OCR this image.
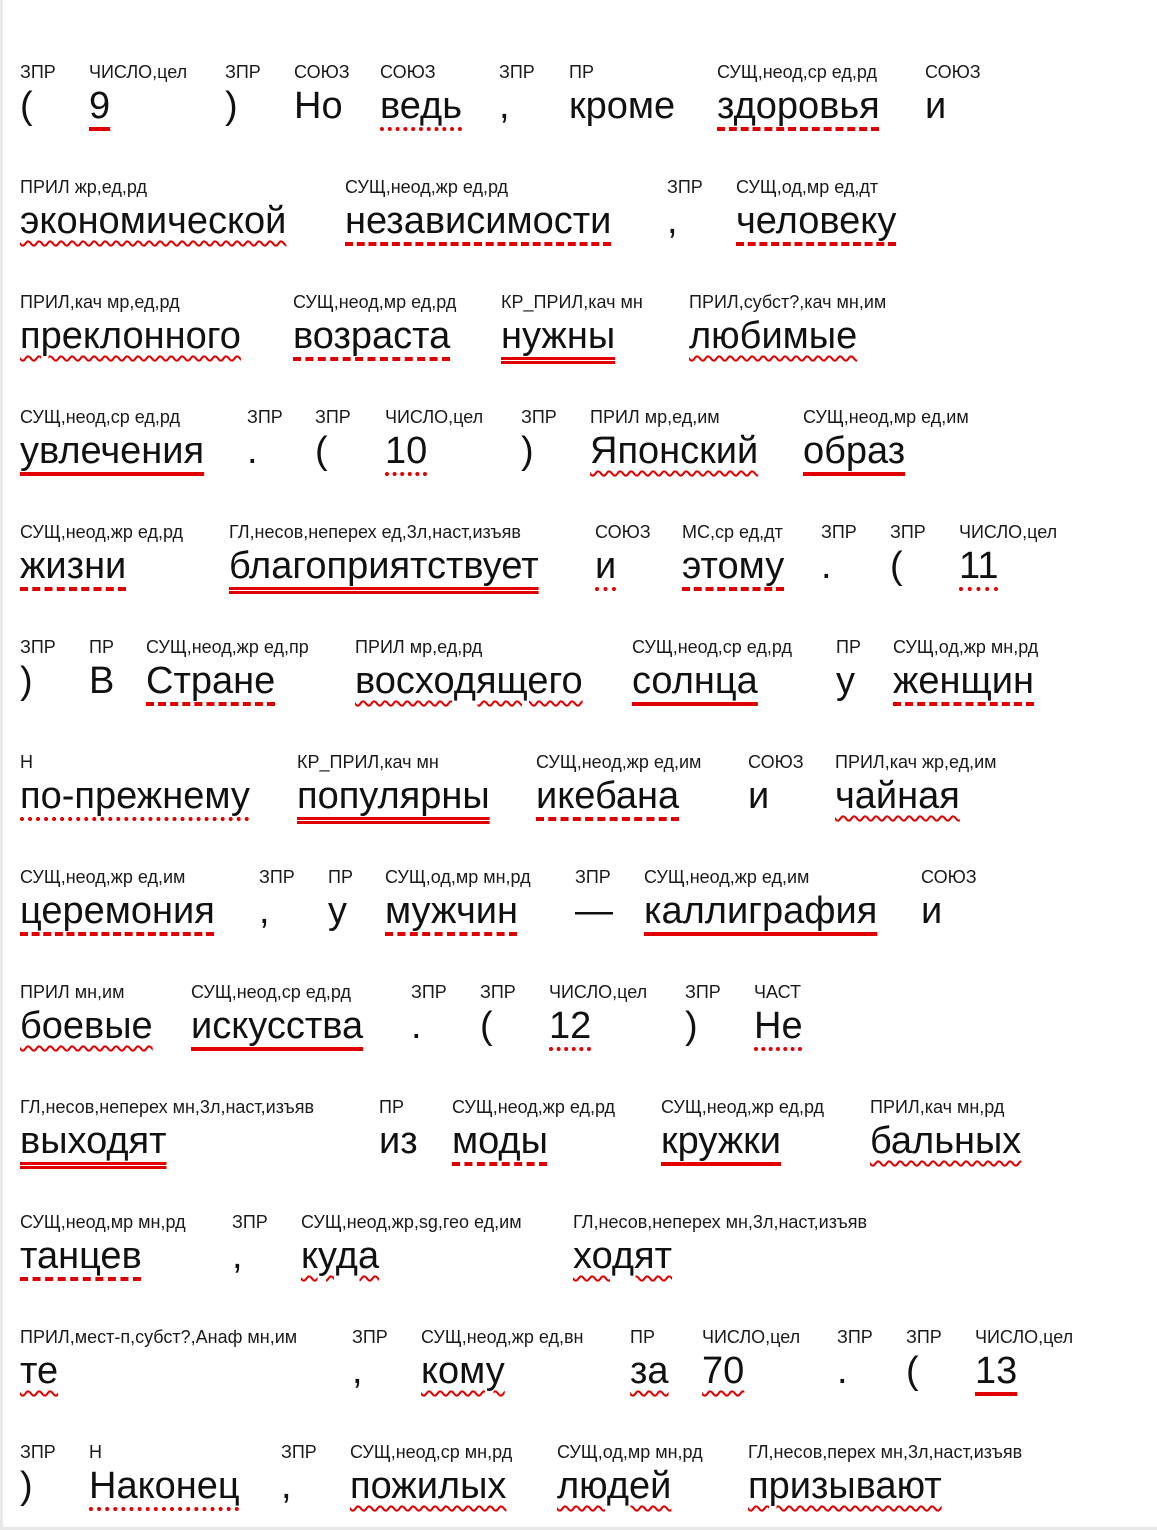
ЗПР
(
ЧИСЛО,цел
9
ЗПР
)
СОЮЗ
Но
СОЮЗ
ведь
ЗПР
,
ПР
кроме
СУЩ,неод,ср ед,рд
здоровья
СОЮЗ
и
ПРИЛ жр,ед,рд
экономической
СУЩ,неод,жр ед,рд
независимости
ЗПР
,
СУЩ,од,мр ед,дт
человеку
ПРИЛ,кач мр,ед,рд
преклонного
СУЩ,неод,мр ед,рд
возраста
КР_ПРИЛ,кач мн
нужны
ПРИЛ,субст?,кач мн,им
любимые
СУЩ,неод,ср ед,рд
увлечения
ЗПР
.
ЗПР
(
ЧИСЛО,цел
10
ЗПР
)
ПРИЛ мр,ед,им
Японский
СУЩ,неод,мр ед,им
образ
СУЩ,неод,жр ед,рд
жизни
ГЛ,несов,неперех ед,3л,наст,изъяв
благоприятствует
СОЮЗ
и
МС,ср ед,дт
этому
ЗПР
.
ЗПР
(
ЧИСЛО,цел
11
ЗПР
)
ПР
В
СУЩ,неод,жр ед,пр
Стране
ПРИЛ мр,ед,рд
восходящего
СУЩ,неод,ср ед,рд
солнца
ПР
у
СУЩ,од,жр мн,рд
женщин
Н
по-прежнему
КР_ПРИЛ,кач мн
популярны
СУЩ,неод,жр ед,им
икебана
СОЮЗ
и
ПРИЛ,кач жр,ед,им
чайная
СУЩ,неод,жр ед,им
церемония
ЗПР
,
ПР
у
СУЩ,од,мр мн,рд
мужчин
ЗПР
—
СУЩ,неод,жр ед,им
каллиграфия
СОЮЗ
и
ПРИЛ мн,им
боевые
СУЩ,неод,ср ед,рд
искусства
ЗПР
.
ЗПР
(
ЧИСЛО,цел
12
ЗПР
)
ЧАСТ
Не
ГЛ,несов,неперех мн,3л,наст,изъяв
выходят
ПР
из
СУЩ,неод,жр ед,рд
моды
СУЩ,неод,жр ед,рд
кружки
ПРИЛ,кач мн,рд
бальных
СУЩ,неод,мр мн,рд
танцев
ЗПР
,
СУЩ,неод,жр,sg,гео ед,им
куда
ГЛ,несов,неперех мн,3л,наст,изъяв
ходят
ПРИЛ,мест-п,субст?,Анаф мн,им
те
ЗПР
,
СУЩ,неод,жр ед,вн
кому
ПР
за
ЧИСЛО,цел
70
ЗПР
.
ЗПР
(
ЧИСЛО,цел
13
ЗПР
)
Н
Наконец
ЗПР
,
СУЩ,неод,ср мн,рд
пожилых
СУЩ,од,мр мн,рд
людей
ГЛ,несов,перех мн,3л,наст,изъяв
призывают
